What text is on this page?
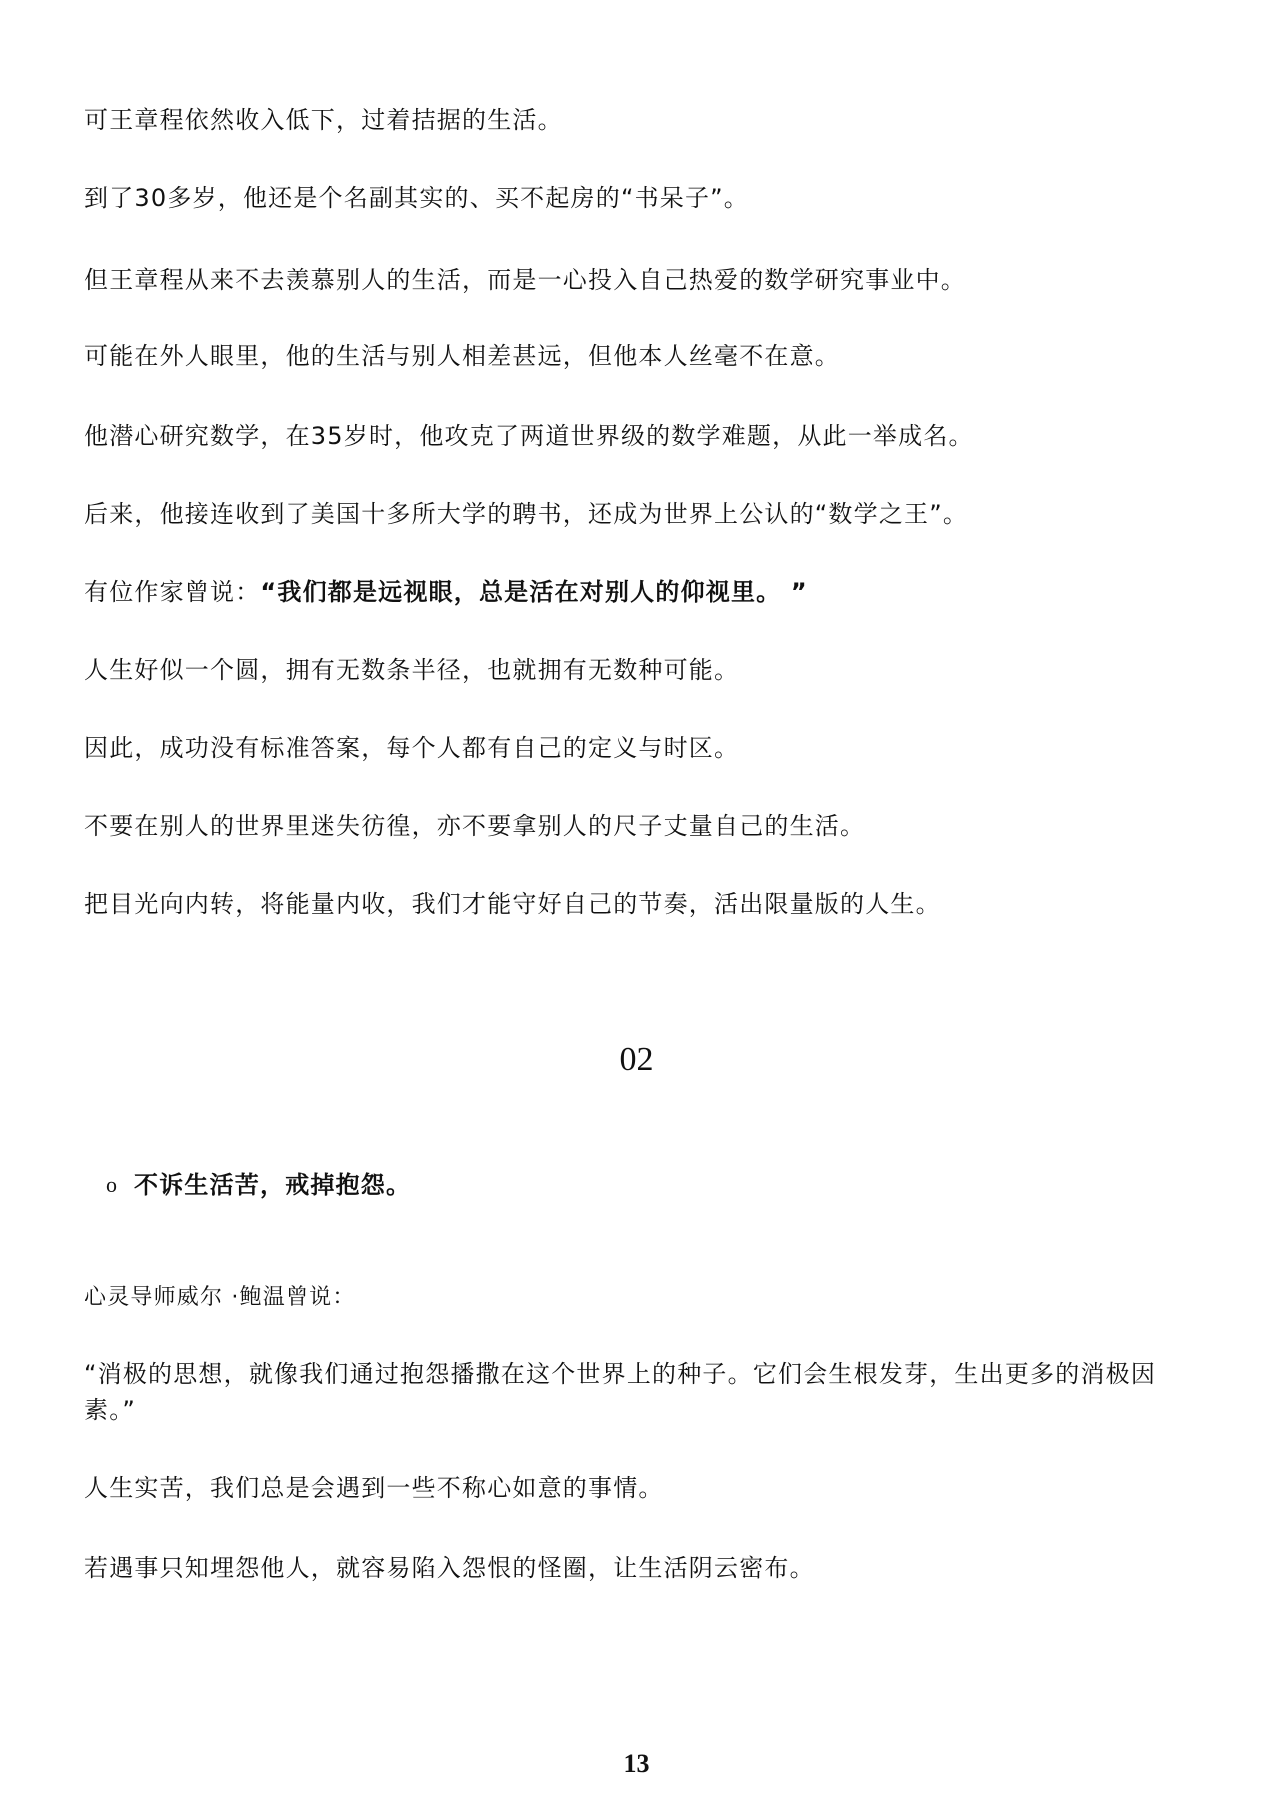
可王章程依然收入低下，过着拮据的生活。

到了30多岁，他还是个名副其实的、买不起房的“书呆子”。

但王章程从来不去羡慕别人的生活，而是一心投入自己热爱的数学研究事业中。

可能在外人眼里，他的生活与别人相差甚远，但他本人丝毫不在意。

他潜心研究数学，在35岁时，他攻克了两道世界级的数学难题，从此一举成名。

后来，他接连收到了美国十多所大学的聘书，还成为世界上公认的“数学之王”。

有位作家曾说：“我们都是远视眼，总是活在对别人的仰视里。 ”

人生好似一个圆，拥有无数条半径，也就拥有无数种可能。

因此，成功没有标准答案，每个人都有自己的定义与时区。

不要在别人的世界里迷失彷徨，亦不要拿别人的尺子丈量自己的生活。

把目光向内转，将能量内收，我们才能守好自己的节奏，活出限量版的人生。

02

o 不诉生活苦，戒掉抱怨。

心灵导师威尔 ·鲍温曾说：

“消极的思想，就像我们通过抱怨播撒在这个世界上的种子。它们会生根发芽，生出更多的消极因素。”

人生实苦，我们总是会遇到一些不称心如意的事情。

若遇事只知埋怨他人，就容易陷入怨恨的怪圈，让生活阴云密布。

13
